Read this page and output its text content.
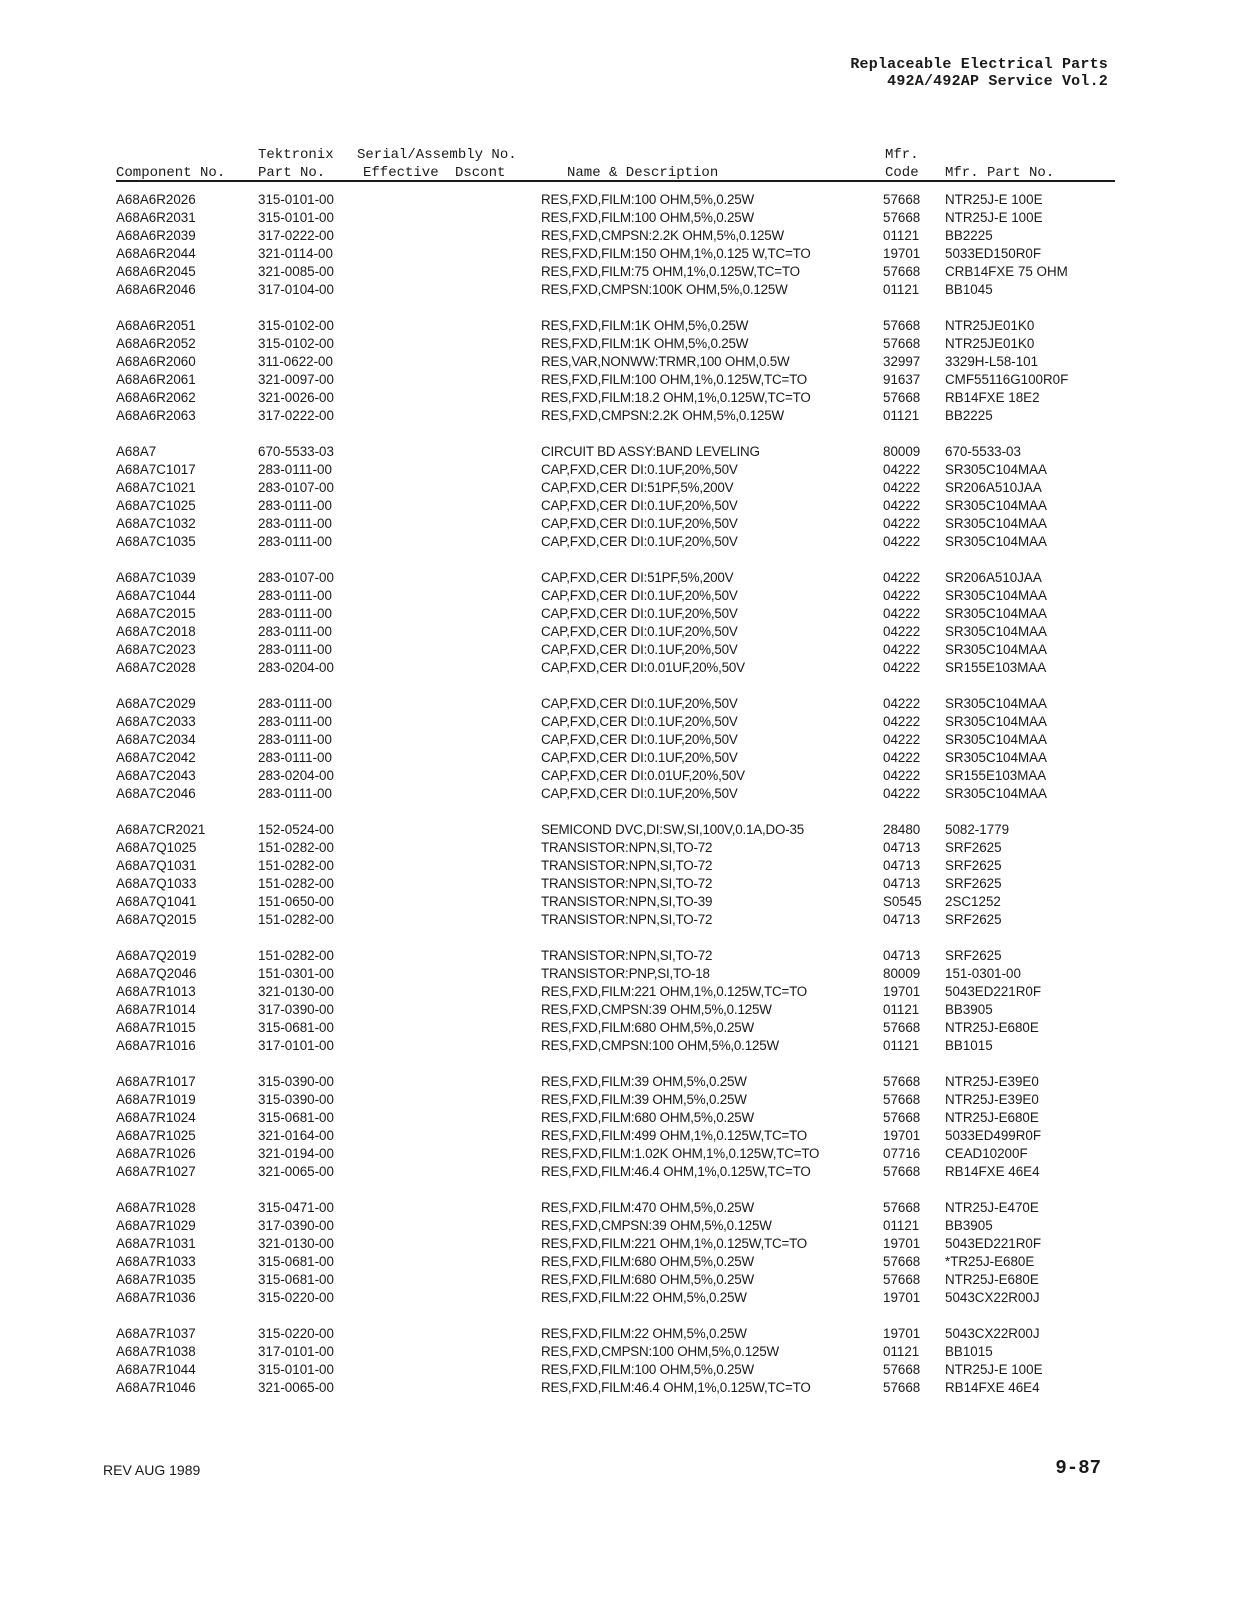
Replaceable Electrical Parts
492A/492AP Service Vol.2
Component No.
Tektronix
Part No.
Serial/Assembly No.
Effective Dscont	Name & Description
Mfr.
Code Mfr. Part No.
A68A6R2026	315-0101-00	RES,FXD,FILM:100 OHM,5%,0.25W	57668 NTR25J-E 100E
A68A6R2031	315-0101-00	RES,FXD,FILM:100 OHM,5%,0.25W	57668 NTR25J-E 100E
A68A6R2039	317-0222-00	RES,FXD,CMPSN:2.2K OHM,5%,0.125W	01121 BB2225
A68A6R2044	321-0114-00	RES,FXD,FILM:150 OHM,1%,0.125 W,TC=TO	19701 5033ED150R0F
A68A6R2045	321-0085-00	RES,FXD,FILM:75 OHM,1%,0.125W,TC=TO	57668 CRB14FXE 75 OHM
A68A6R2046	317-0104-00	RES,FXD,CMPSN:100K OHM,5%,0.125W	01121 BB1045
A68A6R2051	315-0102-00	RES,FXD,FILM:1K OHM,5%,0.25W	57668 NTR25JE01K0
A68A6R2052	315-0102-00	RES,FXD,FILM:1K OHM,5%,0.25W	57668 NTR25JE01K0
A68A6R2060	311-0622-00	RES,VAR,NONWW:TRMR,100 OHM,0.5W	32997 3329H-L58-101
A68A6R2061	321-0097-00	RES,FXD,FILM:100 OHM,1%,0.125W,TC=TO	91637 CMF55116G100R0F
A68A6R2062	321-0026-00	RES,FXD,FILM:18.2 OHM,1%,0.125W,TC=TO	57668 RB14FXE 18E2
A68A6R2063	317-0222-00	RES,FXD,CMPSN:2.2K OHM,5%,0.125W	01121 BB2225
A68A7	670-5533-03	CIRCUIT BD ASSY:BAND LEVELING	80009 670-5533-03
A68A7C1017	283-0111-00	CAP,FXD,CER DI:0.1UF,20%,50V	04222 SR305C104MAA
A68A7C1021	283-0107-00	CAP,FXD,CER DI:51PF,5%,200V	04222 SR206A510JAA
A68A7C1025	283-0111-00	CAP,FXD,CER DI:0.1UF,20%,50V	04222 SR305C104MAA
A68A7C1032	283-0111-00	CAP,FXD,CER DI:0.1UF,20%,50V	04222 SR305C104MAA
A68A7C1035	283-0111-00	CAP,FXD,CER DI:0.1UF,20%,50V	04222 SR305C104MAA
A68A7C1039	283-0107-00	CAP,FXD,CER DI:51PF,5%,200V	04222 SR206A510JAA
A68A7C1044	283-0111-00	CAP,FXD,CER DI:0.1UF,20%,50V	04222 SR305C104MAA
A68A7C2015	283-0111-00	CAP,FXD,CER DI:0.1UF,20%,50V	04222 SR305C104MAA
A68A7C2018	283-0111-00	CAP,FXD,CER DI:0.1UF,20%,50V	04222 SR305C104MAA
A68A7C2023	283-0111-00	CAP,FXD,CER DI:0.1UF,20%,50V	04222 SR305C104MAA
A68A7C2028	283-0204-00	CAP,FXD,CER DI:0.01UF,20%,50V	04222 SR155E103MAA
A68A7C2029	283-0111-00	CAP,FXD,CER DI:0.1UF,20%,50V	04222 SR305C104MAA
A68A7C2033	283-0111-00	CAP,FXD,CER DI:0.1UF,20%,50V	04222 SR305C104MAA
A68A7C2034	283-0111-00	CAP,FXD,CER DI:0.1UF,20%,50V	04222 SR305C104MAA
A68A7C2042	283-0111-00	CAP,FXD,CER DI:0.1UF,20%,50V	04222 SR305C104MAA
A68A7C2043	283-0204-00	CAP,FXD,CER DI:0.01UF,20%,50V	04222 SR155E103MAA
A68A7C2046	283-0111-00	CAP,FXD,CER DI:0.1UF,20%,50V	04222 SR305C104MAA
A68A7CR2021	152-0524-00	SEMICOND DVC,DI:SW,SI,100V,0.1A,DO-35	28480 5082-1779
A68A7Q1025	151-0282-00	TRANSISTOR:NPN,SI,TO-72	04713 SRF2625
A68A7Q1031	151-0282-00	TRANSISTOR:NPN,SI,TO-72	04713 SRF2625
A68A7Q1033	151-0282-00	TRANSISTOR:NPN,SI,TO-72	04713 SRF2625
A68A7Q1041	151-0650-00	TRANSISTOR:NPN,SI,TO-39	S0545 2SC1252
A68A7Q2015	151-0282-00	TRANSISTOR:NPN,SI,TO-72	04713 SRF2625
A68A7Q2019	151-0282-00	TRANSISTOR:NPN,SI,TO-72	04713 SRF2625
A68A7Q2046	151-0301-00	TRANSISTOR:PNP,SI,TO-18	80009 151-0301-00
A68A7R1013	321-0130-00	RES,FXD,FILM:221 OHM,1%,0.125W,TC=TO	19701 5043ED221R0F
A68A7R1014	317-0390-00	RES,FXD,CMPSN:39 OHM,5%,0.125W	01121 BB3905
A68A7R1015	315-0681-00	RES,FXD,FILM:680 OHM,5%,0.25W	57668 NTR25J-E680E
A68A7R1016	317-0101-00	RES,FXD,CMPSN:100 OHM,5%,0.125W	01121 BB1015
A68A7R1017	315-0390-00	RES,FXD,FILM:39 OHM,5%,0.25W	57668 NTR25J-E39E0
A68A7R1019	315-0390-00	RES,FXD,FILM:39 OHM,5%,0.25W	57668 NTR25J-E39E0
A68A7R1024	315-0681-00	RES,FXD,FILM:680 OHM,5%,0.25W	57668 NTR25J-E680E
A68A7R1025	321-0164-00	RES,FXD,FILM:499 OHM,1%,0.125W,TC=TO	19701 5033ED499R0F
A68A7R1026	321-0194-00	RES,FXD,FILM:1.02K OHM,1%,0.125W,TC=TO	07716 CEAD10200F
A68A7R1027	321-0065-00	RES,FXD,FILM:46.4 OHM,1%,0.125W,TC=TO	57668 RB14FXE 46E4
A68A7R1028	315-0471-00	RES,FXD,FILM:470 OHM,5%,0.25W	57668 NTR25J-E470E
A68A7R1029	317-0390-00	RES,FXD,CMPSN:39 OHM,5%,0.125W	01121 BB3905
A68A7R1031	321-0130-00	RES,FXD,FILM:221 OHM,1%,0.125W,TC=TO	19701 5043ED221R0F
A68A7R1033	315-0681-00	RES,FXD,FILM:680 OHM,5%,0.25W	57668 *TR25J-E680E
A68A7R1035	315-0681-00	RES,FXD,FILM:680 OHM,5%,0.25W	57668 NTR25J-E680E
A68A7R1036	315-0220-00	RES,FXD,FILM:22 OHM,5%,0.25W	19701 5043CX22R00J
A68A7R1037	315-0220-00	RES,FXD,FILM:22 OHM,5%,0.25W	19701 5043CX22R00J
A68A7R1038	317-0101-00	RES,FXD,CMPSN:100 OHM,5%,0.125W	01121 BB1015
A68A7R1044	315-0101-00	RES,FXD,FILM:100 OHM,5%,0.25W	57668 NTR25J-E 100E
A68A7R1046	321-0065-00	RES,FXD,FILM:46.4 OHM,1%,0.125W,TC=TO	57668 RB14FXE 46E4
REV AUG 1989	9-87
